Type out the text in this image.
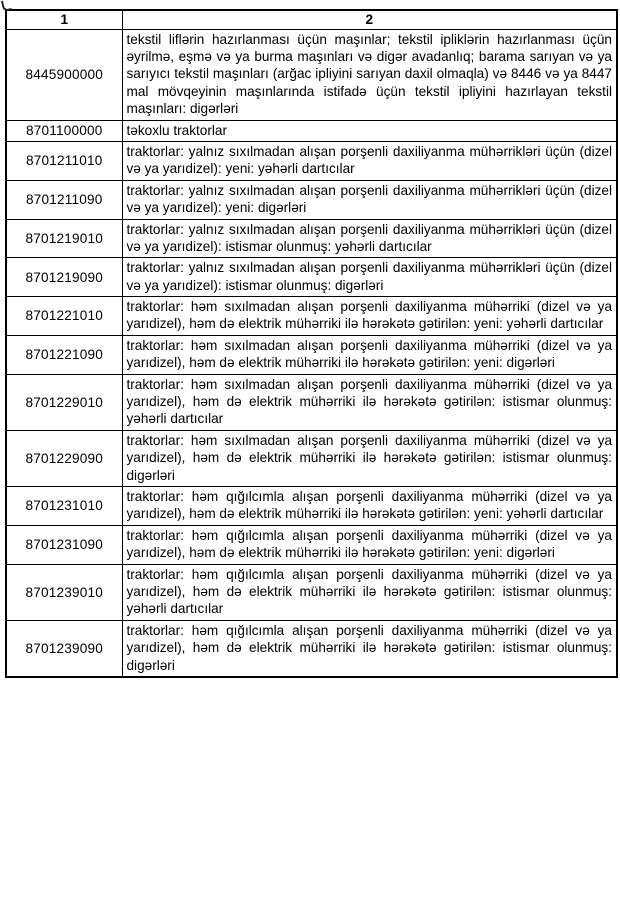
1	2
8445900000	tekstil liflərin hazırlanması üçün maşınlar; tekstil ipliklərin hazırlanması üçün əyrilmə, eşmə və ya burma maşınları və digər avadanlıq; barama sarıyan və ya sarıyıcı tekstil maşınları (arğac ipliyini sarıyan daxil olmaqla) və 8446 və ya 8447 mal mövqeyinin maşınlarında istifadə üçün tekstil ipliyini hazırlayan tekstil maşınları: digərləri
8701100000	təkoxlu traktorlar
8701211010	traktorlar: yalnız sıxılmadan alışan porşenli daxiliyanma mühərrikləri üçün (dizel və ya yarıdizel): yeni: yəhərli dartıcılar
8701211090	traktorlar: yalnız sıxılmadan alışan porşenli daxiliyanma mühərrikləri üçün (dizel və ya yarıdizel): yeni: digərləri
8701219010	traktorlar: yalnız sıxılmadan alışan porşenli daxiliyanma mühərrikləri üçün (dizel və ya yarıdizel): istismar olunmuş: yəhərli dartıcılar
8701219090	traktorlar: yalnız sıxılmadan alışan porşenli daxiliyanma mühərrikləri üçün (dizel və ya yarıdizel): istismar olunmuş: digərləri
8701221010	traktorlar: həm sıxılmadan alışan porşenli daxiliyanma mühərriki (dizel və ya yarıdizel), həm də elektrik mühərriki ilə hərəkətə gətirilən: yeni: yəhərli dartıcılar
8701221090	traktorlar: həm sıxılmadan alışan porşenli daxiliyanma mühərriki (dizel və ya yarıdizel), həm də elektrik mühərriki ilə hərəkətə gətirilən: yeni: digərləri
8701229010	traktorlar: həm sıxılmadan alışan porşenli daxiliyanma mühərriki (dizel və ya yarıdizel), həm də elektrik mühərriki ilə hərəkətə gətirilən: istismar olunmuş: yəhərli dartıcılar
8701229090	traktorlar: həm sıxılmadan alışan porşenli daxiliyanma mühərriki (dizel və ya yarıdizel), həm də elektrik mühərriki ilə hərəkətə gətirilən: istismar olunmuş: digərləri
8701231010	traktorlar: həm qığılcımla alışan porşenli daxiliyanma mühərriki (dizel və ya yarıdizel), həm də elektrik mühərriki ilə hərəkətə gətirilən: yeni: yəhərli dartıcılar
8701231090	traktorlar: həm qığılcımla alışan porşenli daxiliyanma mühərriki (dizel və ya yarıdizel), həm də elektrik mühərriki ilə hərəkətə gətirilən: yeni: digərləri
8701239010	traktorlar: həm qığılcımla alışan porşenli daxiliyanma mühərriki (dizel və ya yarıdizel), həm də elektrik mühərriki ilə hərəkətə gətirilən: istismar olunmuş: yəhərli dartıcılar
8701239090	traktorlar: həm qığılcımla alışan porşenli daxiliyanma mühərriki (dizel və ya yarıdizel), həm də elektrik mühərriki ilə hərəkətə gətirilən: istismar olunmuş: digərləri
